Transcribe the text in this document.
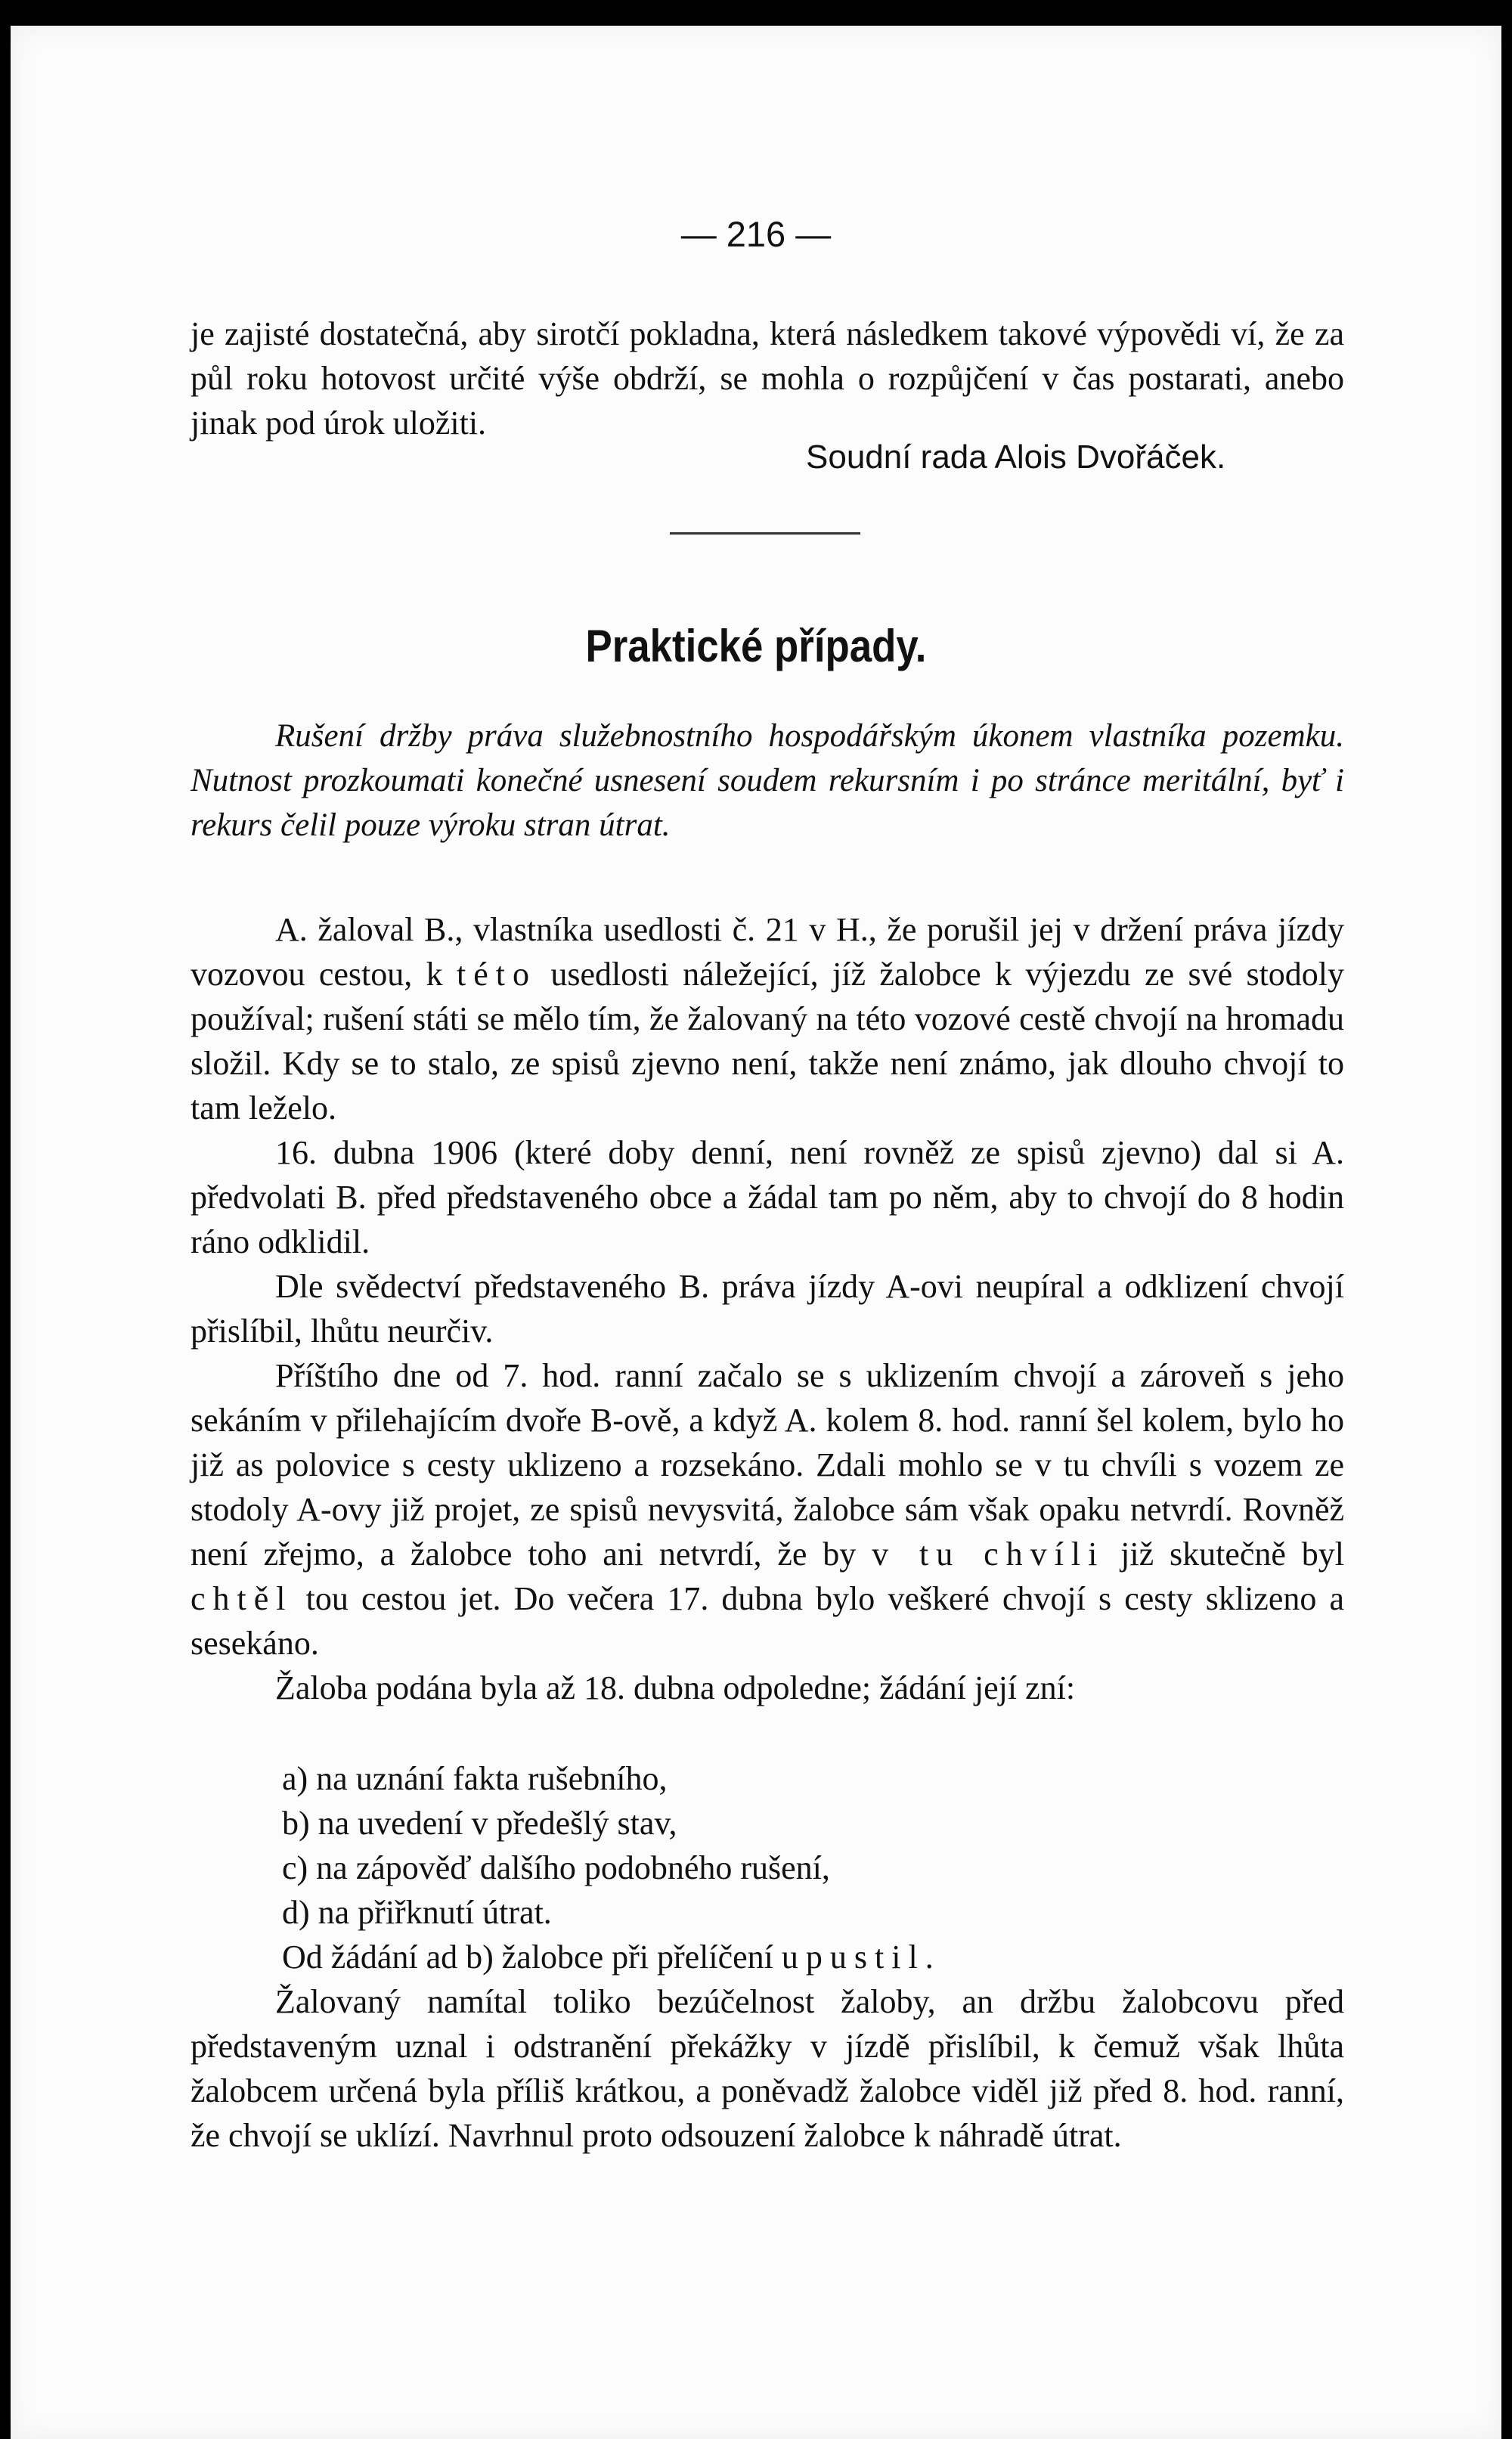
— 216 —

je zajisté dostatečná, aby sirotčí pokladna, která následkem takové výpovědi ví, že za půl roku hotovost určité výše obdrží, se mohla o rozpůjčení v čas postarati, anebo jinak pod úrok uložiti.

Soudní rada Alois Dvořáček.
Praktické případy.
Rušení držby práva služebnostního hospodářským úkonem vlastníka pozemku. Nutnost prozkoumati konečné usnesení soudem rekursním i po stránce meritální, byť i rekurs čelil pouze výroku stran útrat.

A. žaloval B., vlastníka usedlosti č. 21 v H., že porušil jej v držení práva jízdy vozovou cestou, k této usedlosti náležející, jíž žalobce k výjezdu ze své stodoly používal; rušení státi se mělo tím, že žalovaný na této vozové cestě chvojí na hromadu složil. Kdy se to stalo, ze spisů zjevno není, takže není známo, jak dlouho chvojí to tam leželo.

16. dubna 1906 (které doby denní, není rovněž ze spisů zjevno) dal si A. předvolati B. před představeného obce a žádal tam po něm, aby to chvojí do 8 hodin ráno odklidil.

Dle svědectví představeného B. práva jízdy A-ovi neupíral a odklizení chvojí přislíbil, lhůtu neurčiv.

Příštího dne od 7. hod. ranní začalo se s uklizením chvojí a zároveň s jeho sekáním v přilehajícím dvoře B-ově, a když A. kolem 8. hod. ranní šel kolem, bylo ho již as polovice s cesty uklizeno a rozsekáno. Zdali mohlo se v tu chvíli s vozem ze stodoly A-ovy již projet, ze spisů nevysvitá, žalobce sám však opaku netvrdí. Rovněž není zřejmo, a žalobce toho ani netvrdí, že by v tu chvíli již skutečně byl chtěl tou cestou jet. Do večera 17. dubna bylo veškeré chvojí s cesty sklizeno a sesekáno.

Žaloba podána byla až 18. dubna odpoledne; žádání její zní:

a) na uznání fakta rušebního,
b) na uvedení v předešlý stav,
c) na zápověď dalšího podobného rušení,
d) na přiřknutí útrat.
Od žádání ad b) žalobce při přelíčení upustil.

Žalovaný namítal toliko bezúčelnost žaloby, an držbu žalobcovu před představeným uznal i odstranění překážky v jízdě přislíbil, k čemuž však lhůta žalobcem určená byla příliš krátkou, a poněvadž žalobce viděl již před 8. hod. ranní, že chvojí se uklízí. Navrhnul proto odsouzení žalobce k náhradě útrat.
